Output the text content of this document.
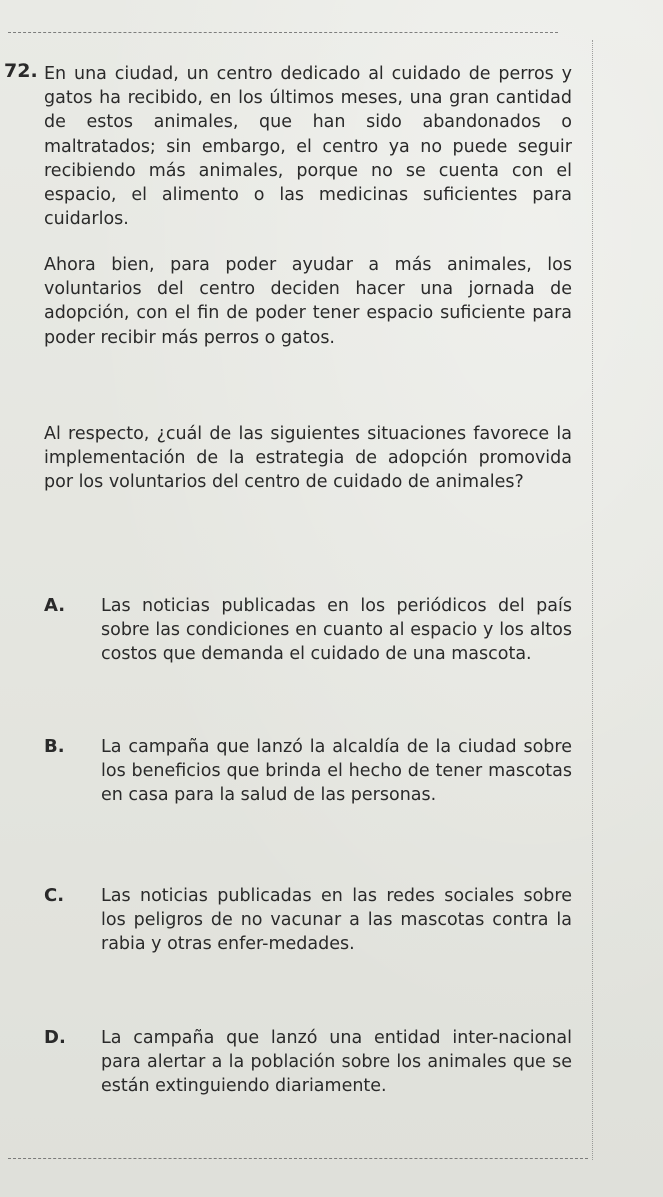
72. En una ciudad, un centro dedicado al cuidado de perros y gatos ha recibido, en los últimos meses, una gran cantidad de estos animales, que han sido abandonados o maltratados; sin embargo, el centro ya no puede seguir recibiendo más animales, porque no se cuenta con el espacio, el alimento o las medicinas suficientes para cuidarlos.

Ahora bien, para poder ayudar a más animales, los voluntarios del centro deciden hacer una jornada de adopción, con el fin de poder tener espacio suficiente para poder recibir más perros o gatos.

Al respecto, ¿cuál de las siguientes situaciones favorece la implementación de la estrategia de adopción promovida por los voluntarios del centro de cuidado de animales?

A. Las noticias publicadas en los periódicos del país sobre las condiciones en cuanto al espacio y los altos costos que demanda el cuidado de una mascota.

B. La campaña que lanzó la alcaldía de la ciudad sobre los beneficios que brinda el hecho de tener mascotas en casa para la salud de las personas.

C. Las noticias publicadas en las redes sociales sobre los peligros de no vacunar a las mascotas contra la rabia y otras enfer-medades.

D. La campaña que lanzó una entidad inter-nacional para alertar a la población sobre los animales que se están extinguiendo diariamente.
